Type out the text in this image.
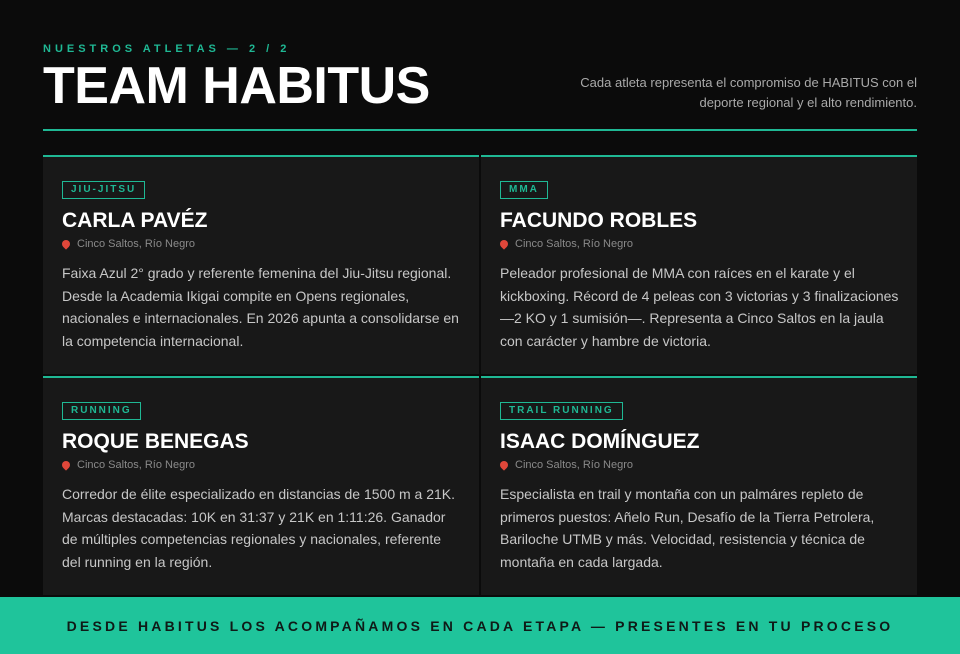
NUESTROS ATLETAS — 2 / 2
TEAM HABITUS	Cada atleta representa el compromiso de HABITUS con el deporte regional y el alto rendimiento.
JIU-JITSU
CARLA PAVÉZ
Cinco Saltos, Río Negro
Faixa Azul 2° grado y referente femenina del Jiu-Jitsu regional. Desde la Academia Ikigai compite en Opens regionales, nacionales e internacionales. En 2026 apunta a consolidarse en la competencia internacional.
MMA
FACUNDO ROBLES
Cinco Saltos, Río Negro
Peleador profesional de MMA con raíces en el karate y el kickboxing. Récord de 4 peleas con 3 victorias y 3 finalizaciones —2 KO y 1 sumisión—. Representa a Cinco Saltos en la jaula con carácter y hambre de victoria.
RUNNING
ROQUE BENEGAS
Cinco Saltos, Río Negro
Corredor de élite especializado en distancias de 1500 m a 21K. Marcas destacadas: 10K en 31:37 y 21K en 1:11:26. Ganador de múltiples competencias regionales y nacionales, referente del running en la región.
TRAIL RUNNING
ISAAC DOMÍNGUEZ
Cinco Saltos, Río Negro
Especialista en trail y montaña con un palmáres repleto de primeros puestos: Añelo Run, Desafío de la Tierra Petrolera, Bariloche UTMB y más. Velocidad, resistencia y técnica de montaña en cada largada.
DESDE HABITUS LOS ACOMPAÑAMOS EN CADA ETAPA — PRESENTES EN TU PROCESO
